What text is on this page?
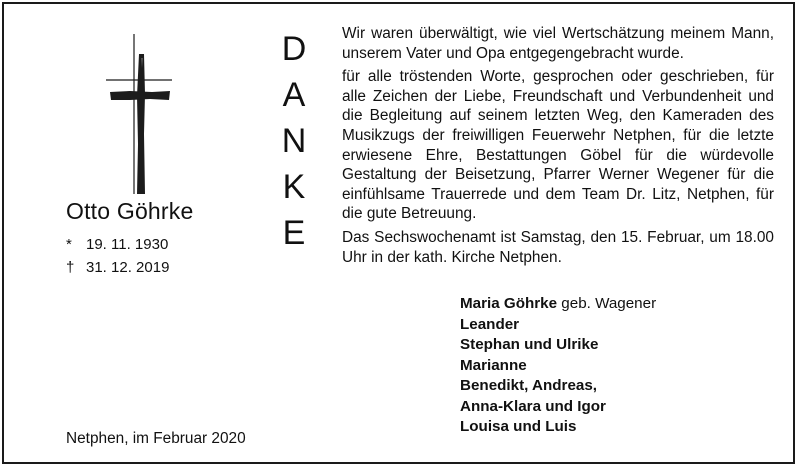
Otto Göhrke
* 19. 11. 1930
† 31. 12. 2019
D
A
N
K
E

Wir waren überwältigt, wie viel Wertschätzung meinem Mann, unserem Vater und Opa entgegengebracht wurde.

für alle tröstenden Worte, gesprochen oder geschrieben, für alle Zeichen der Liebe, Freundschaft und Verbundenheit und die Begleitung auf seinem letzten Weg, den Kameraden des Musikzugs der freiwilligen Feuerwehr Netphen, für die letzte erwiesene Ehre, Bestattungen Göbel für die würdevolle Gestaltung der Beisetzung, Pfarrer Werner Wegener für die einfühlsame Trauerrede und dem Team Dr. Litz, Netphen, für die gute Betreuung.

Das Sechswochenamt ist Samstag, den 15. Februar, um 18.00 Uhr in der kath. Kirche Netphen.

Maria Göhrke geb. Wagener
Leander
Stephan und Ulrike
Marianne
Benedikt, Andreas,
Anna-Klara und Igor
Louisa und Luis
Netphen, im Februar 2020
